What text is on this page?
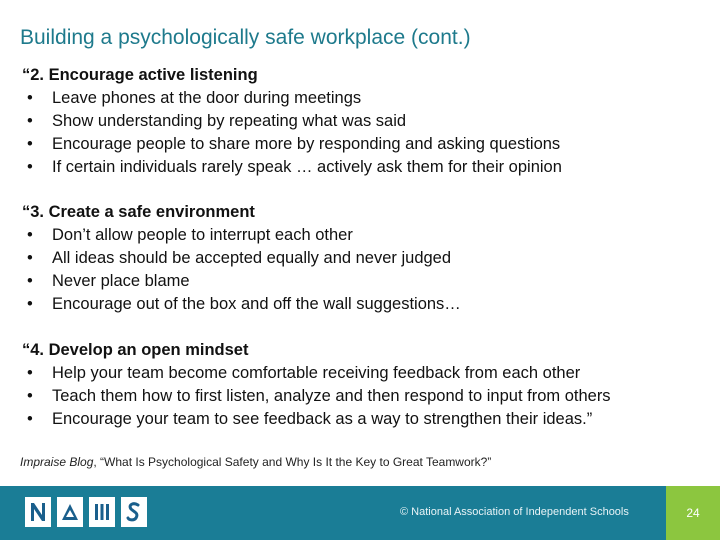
Building a psychologically safe workplace (cont.)
“2. Encourage active listening
•	Leave phones at the door during meetings
•	Show understanding by repeating what was said
•	Encourage people to share more by responding and asking questions
•	If certain individuals rarely speak … actively ask them for their opinion
“3. Create a safe environment
•	Don’t allow people to interrupt each other
•	All ideas should be accepted equally and never judged
•	Never place blame
•	Encourage out of the box and off the wall suggestions…
“4. Develop an open mindset
•	Help your team become comfortable receiving feedback from each other
•	Teach them how to first listen, analyze and then respond to input from others
•	Encourage your team to see feedback as a way to strengthen their ideas.”
Impraise Blog, “What Is Psychological Safety and Why Is It the Key to Great Teamwork?”
© National Association of Independent Schools	24
